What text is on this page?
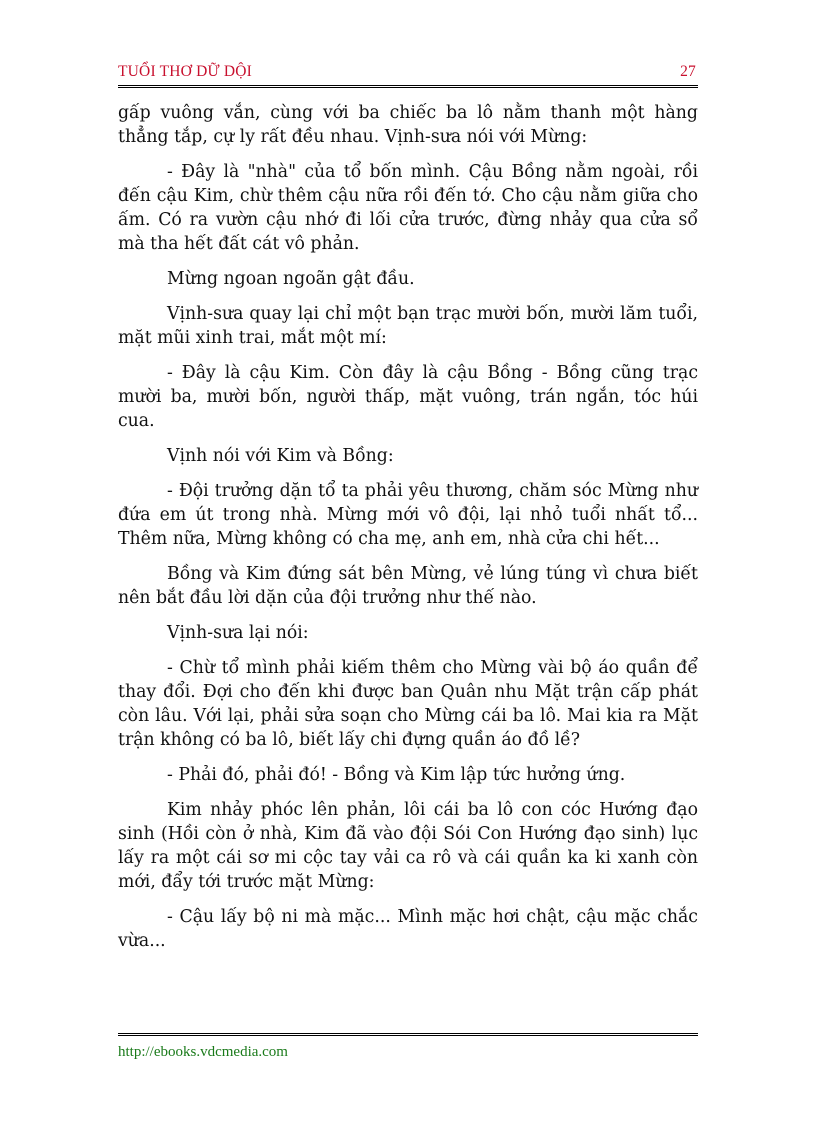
TUỔI THƠ DỮ DỘI	27

gấp vuông vắn, cùng với ba chiếc ba lô nằm thanh một hàng thẳng tắp, cự ly rất đều nhau. Vịnh-sưa nói với Mừng:

- Đây là "nhà" của tổ bốn mình. Cậu Bồng nằm ngoài, rồi đến cậu Kim, chừ thêm cậu nữa rồi đến tớ. Cho cậu nằm giữa cho ấm. Có ra vườn cậu nhớ đi lối cửa trước, đừng nhảy qua cửa sổ mà tha hết đất cát vô phản.

Mừng ngoan ngoãn gật đầu.

Vịnh-sưa quay lại chỉ một bạn trạc mười bốn, mười lăm tuổi, mặt mũi xinh trai, mắt một mí:

- Đây là cậu Kim. Còn đây là cậu Bồng - Bồng cũng trạc mười ba, mười bốn, người thấp, mặt vuông, trán ngắn, tóc húi cua.

Vịnh nói với Kim và Bồng:

- Đội trưởng dặn tổ ta phải yêu thương, chăm sóc Mừng như đứa em út trong nhà. Mừng mới vô đội, lại nhỏ tuổi nhất tổ... Thêm nữa, Mừng không có cha mẹ, anh em, nhà cửa chi hết...

Bồng và Kim đứng sát bên Mừng, vẻ lúng túng vì chưa biết nên bắt đầu lời dặn của đội trưởng như thế nào.

Vịnh-sưa lại nói:

- Chừ tổ mình phải kiếm thêm cho Mừng vài bộ áo quần để thay đổi. Đợi cho đến khi được ban Quân nhu Mặt trận cấp phát còn lâu. Với lại, phải sửa soạn cho Mừng cái ba lô. Mai kia ra Mặt trận không có ba lô, biết lấy chi đựng quần áo đồ lề?

- Phải đó, phải đó! - Bồng và Kim lập tức hưởng ứng.

Kim nhảy phóc lên phản, lôi cái ba lô con cóc Hướng đạo sinh (Hồi còn ở nhà, Kim đã vào đội Sói Con Hướng đạo sinh) lục lấy ra một cái sơ mi cộc tay vải ca rô và cái quần ka ki xanh còn mới, đẩy tới trước mặt Mừng:

- Cậu lấy bộ ni mà mặc... Mình mặc hơi chật, cậu mặc chắc vừa...

http://ebooks.vdcmedia.com
